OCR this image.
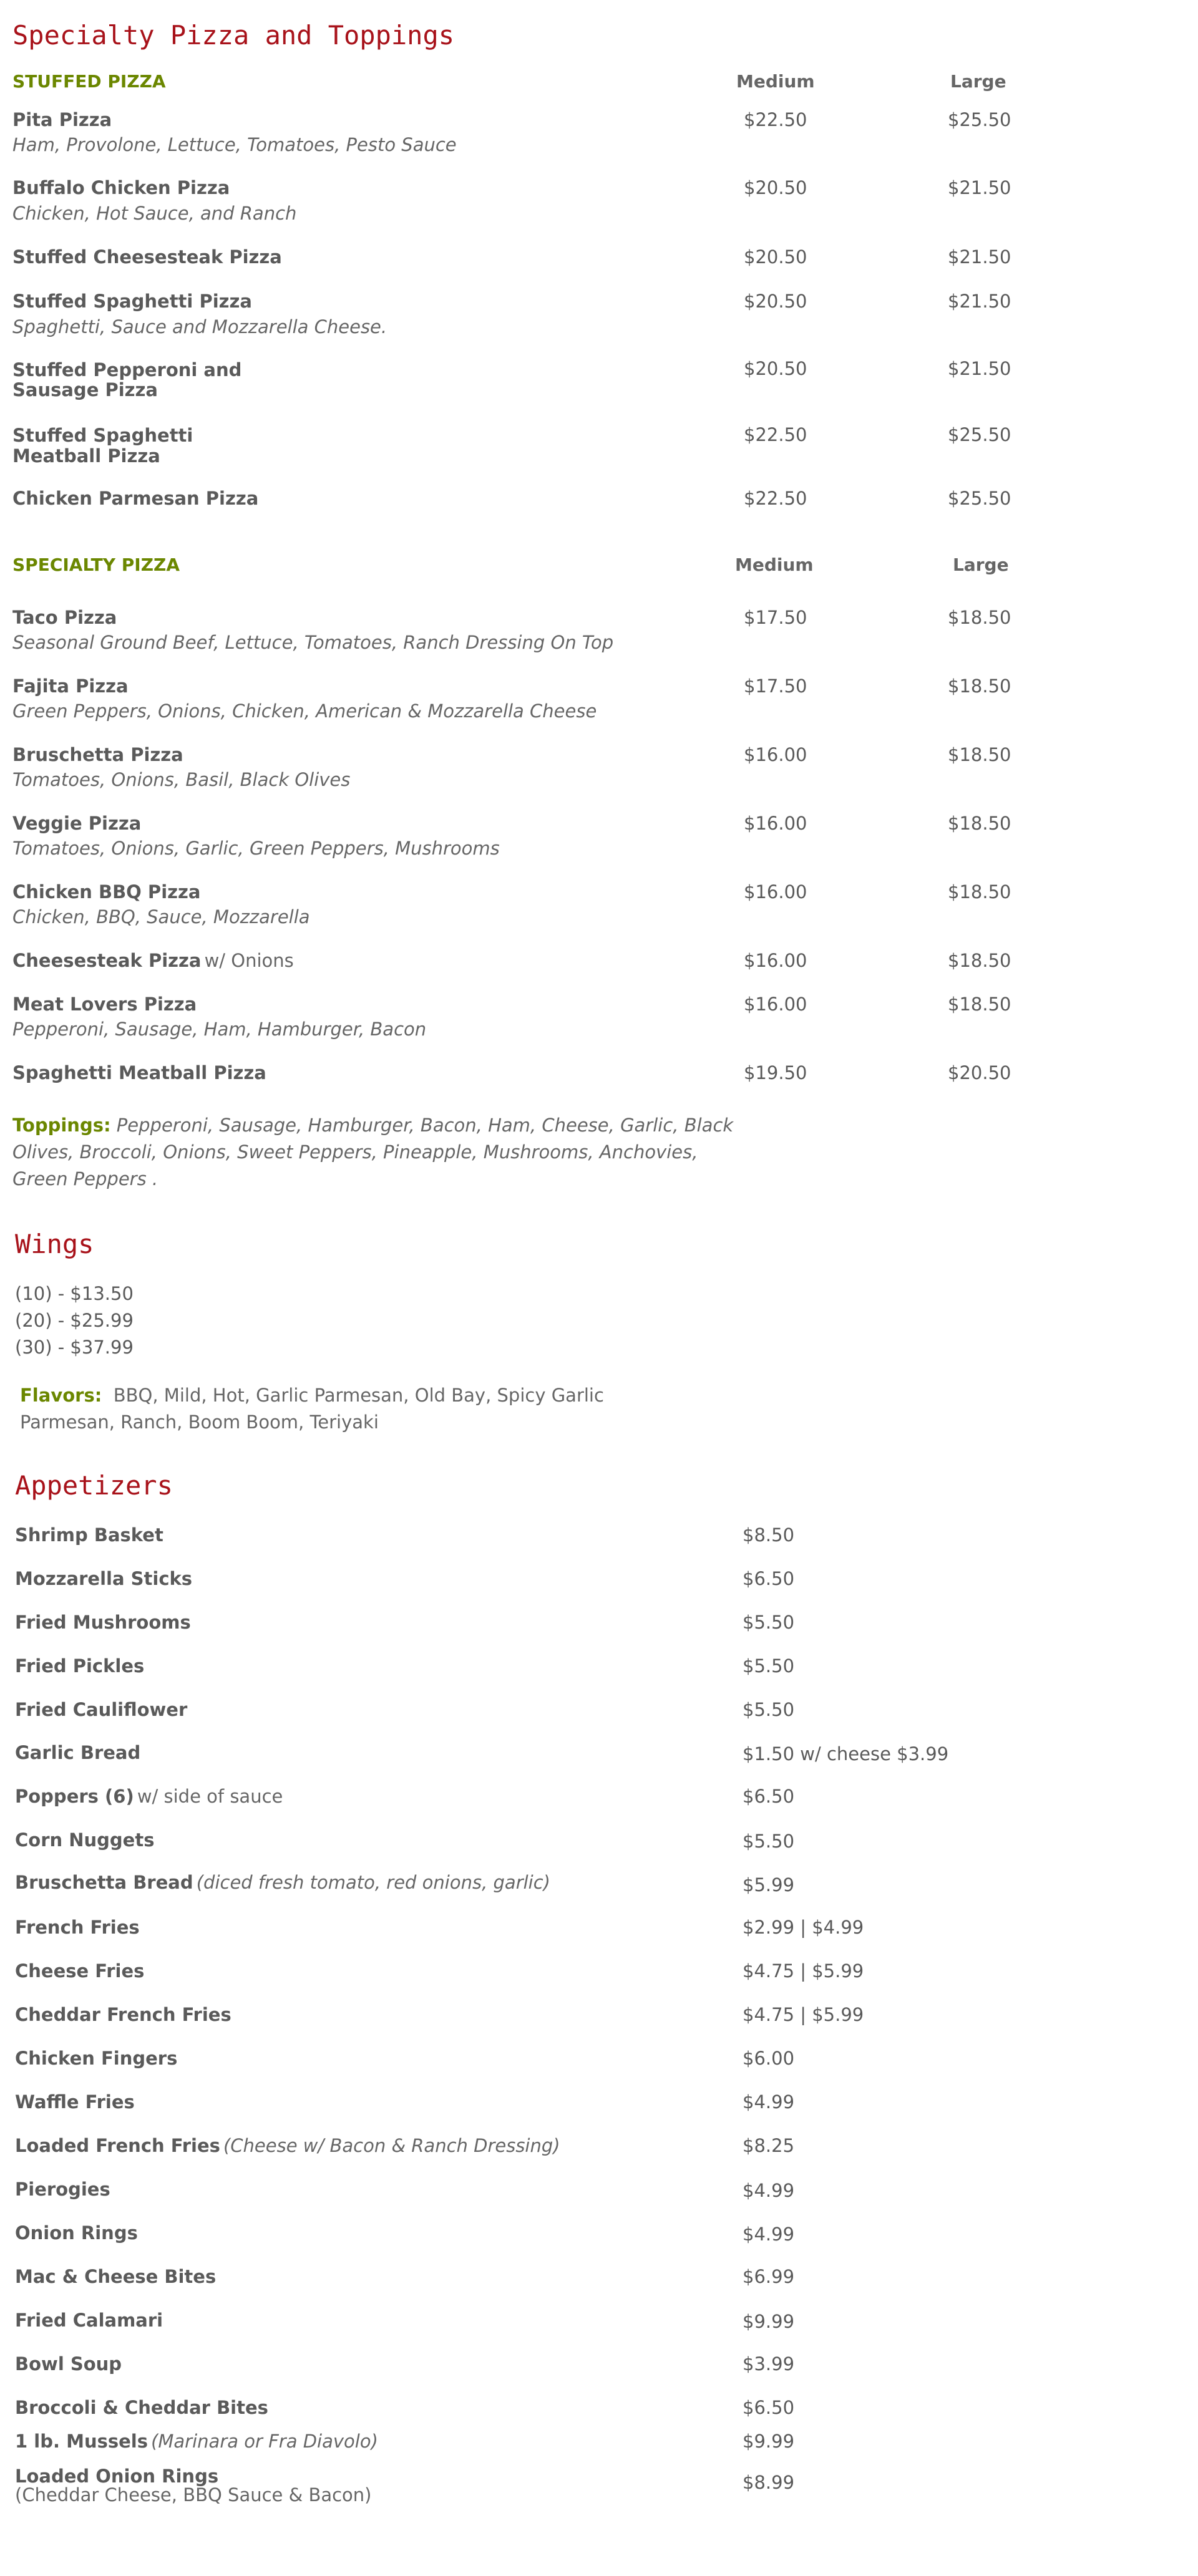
Specialty Pizza and Toppings
STUFFED PIZZA	Medium	Large
Pita Pizza
Ham, Provolone, Lettuce, Tomatoes, Pesto Sauce
$22.50	$25.50
Buffalo Chicken Pizza
Chicken, Hot Sauce, and Ranch
$20.50	$21.50
Stuffed Cheesesteak Pizza	$20.50	$21.50
Stuffed Spaghetti Pizza
Spaghetti, Sauce and Mozzarella Cheese.
$20.50	$21.50
Stuffed Pepperoni and
Sausage Pizza
$20.50	$21.50
Stuffed Spaghetti
Meatball Pizza
$22.50	$25.50
Chicken Parmesan Pizza	$22.50	$25.50
SPECIALTY PIZZA	Medium	Large
Taco Pizza
Seasonal Ground Beef, Lettuce, Tomatoes, Ranch Dressing On Top
$17.50	$18.50
Fajita Pizza
Green Peppers, Onions, Chicken, American & Mozzarella Cheese
$17.50	$18.50
Bruschetta Pizza
Tomatoes, Onions, Basil, Black Olives
$16.00	$18.50
Veggie Pizza
Tomatoes, Onions, Garlic, Green Peppers, Mushrooms
$16.00	$18.50
Chicken BBQ Pizza
Chicken, BBQ, Sauce, Mozzarella
$16.00	$18.50
Cheesesteak Pizza w/ Onions	$16.00	$18.50
Meat Lovers Pizza
Pepperoni, Sausage, Ham, Hamburger, Bacon
$16.00	$18.50
Spaghetti Meatball Pizza	$19.50	$20.50
Toppings: Pepperoni, Sausage, Hamburger, Bacon, Ham, Cheese, Garlic, Black Olives, Broccoli, Onions, Sweet Peppers, Pineapple, Mushrooms, Anchovies, Green Peppers .
Wings
(10) - $13.50
(20) - $25.99
(30) - $37.99
Flavors: BBQ, Mild, Hot, Garlic Parmesan, Old Bay, Spicy Garlic Parmesan, Ranch, Boom Boom, Teriyaki
Appetizers
Shrimp Basket	$8.50
Mozzarella Sticks	$6.50
Fried Mushrooms	$5.50
Fried Pickles	$5.50
Fried Cauliflower	$5.50
Garlic Bread	$1.50 w/ cheese $3.99
Poppers (6) w/ side of sauce	$6.50
Corn Nuggets	$5.50
Bruschetta Bread (diced fresh tomato, red onions, garlic)	$5.99
French Fries	$2.99 | $4.99
Cheese Fries	$4.75 | $5.99
Cheddar French Fries	$4.75 | $5.99
Chicken Fingers	$6.00
Waffle Fries	$4.99
Loaded French Fries (Cheese w/ Bacon & Ranch Dressing)	$8.25
Pierogies	$4.99
Onion Rings	$4.99
Mac & Cheese Bites	$6.99
Fried Calamari	$9.99
Bowl Soup	$3.99
Broccoli & Cheddar Bites	$6.50
1 lb. Mussels (Marinara or Fra Diavolo)	$9.99
Loaded Onion Rings
(Cheddar Cheese, BBQ Sauce & Bacon)
$8.99
